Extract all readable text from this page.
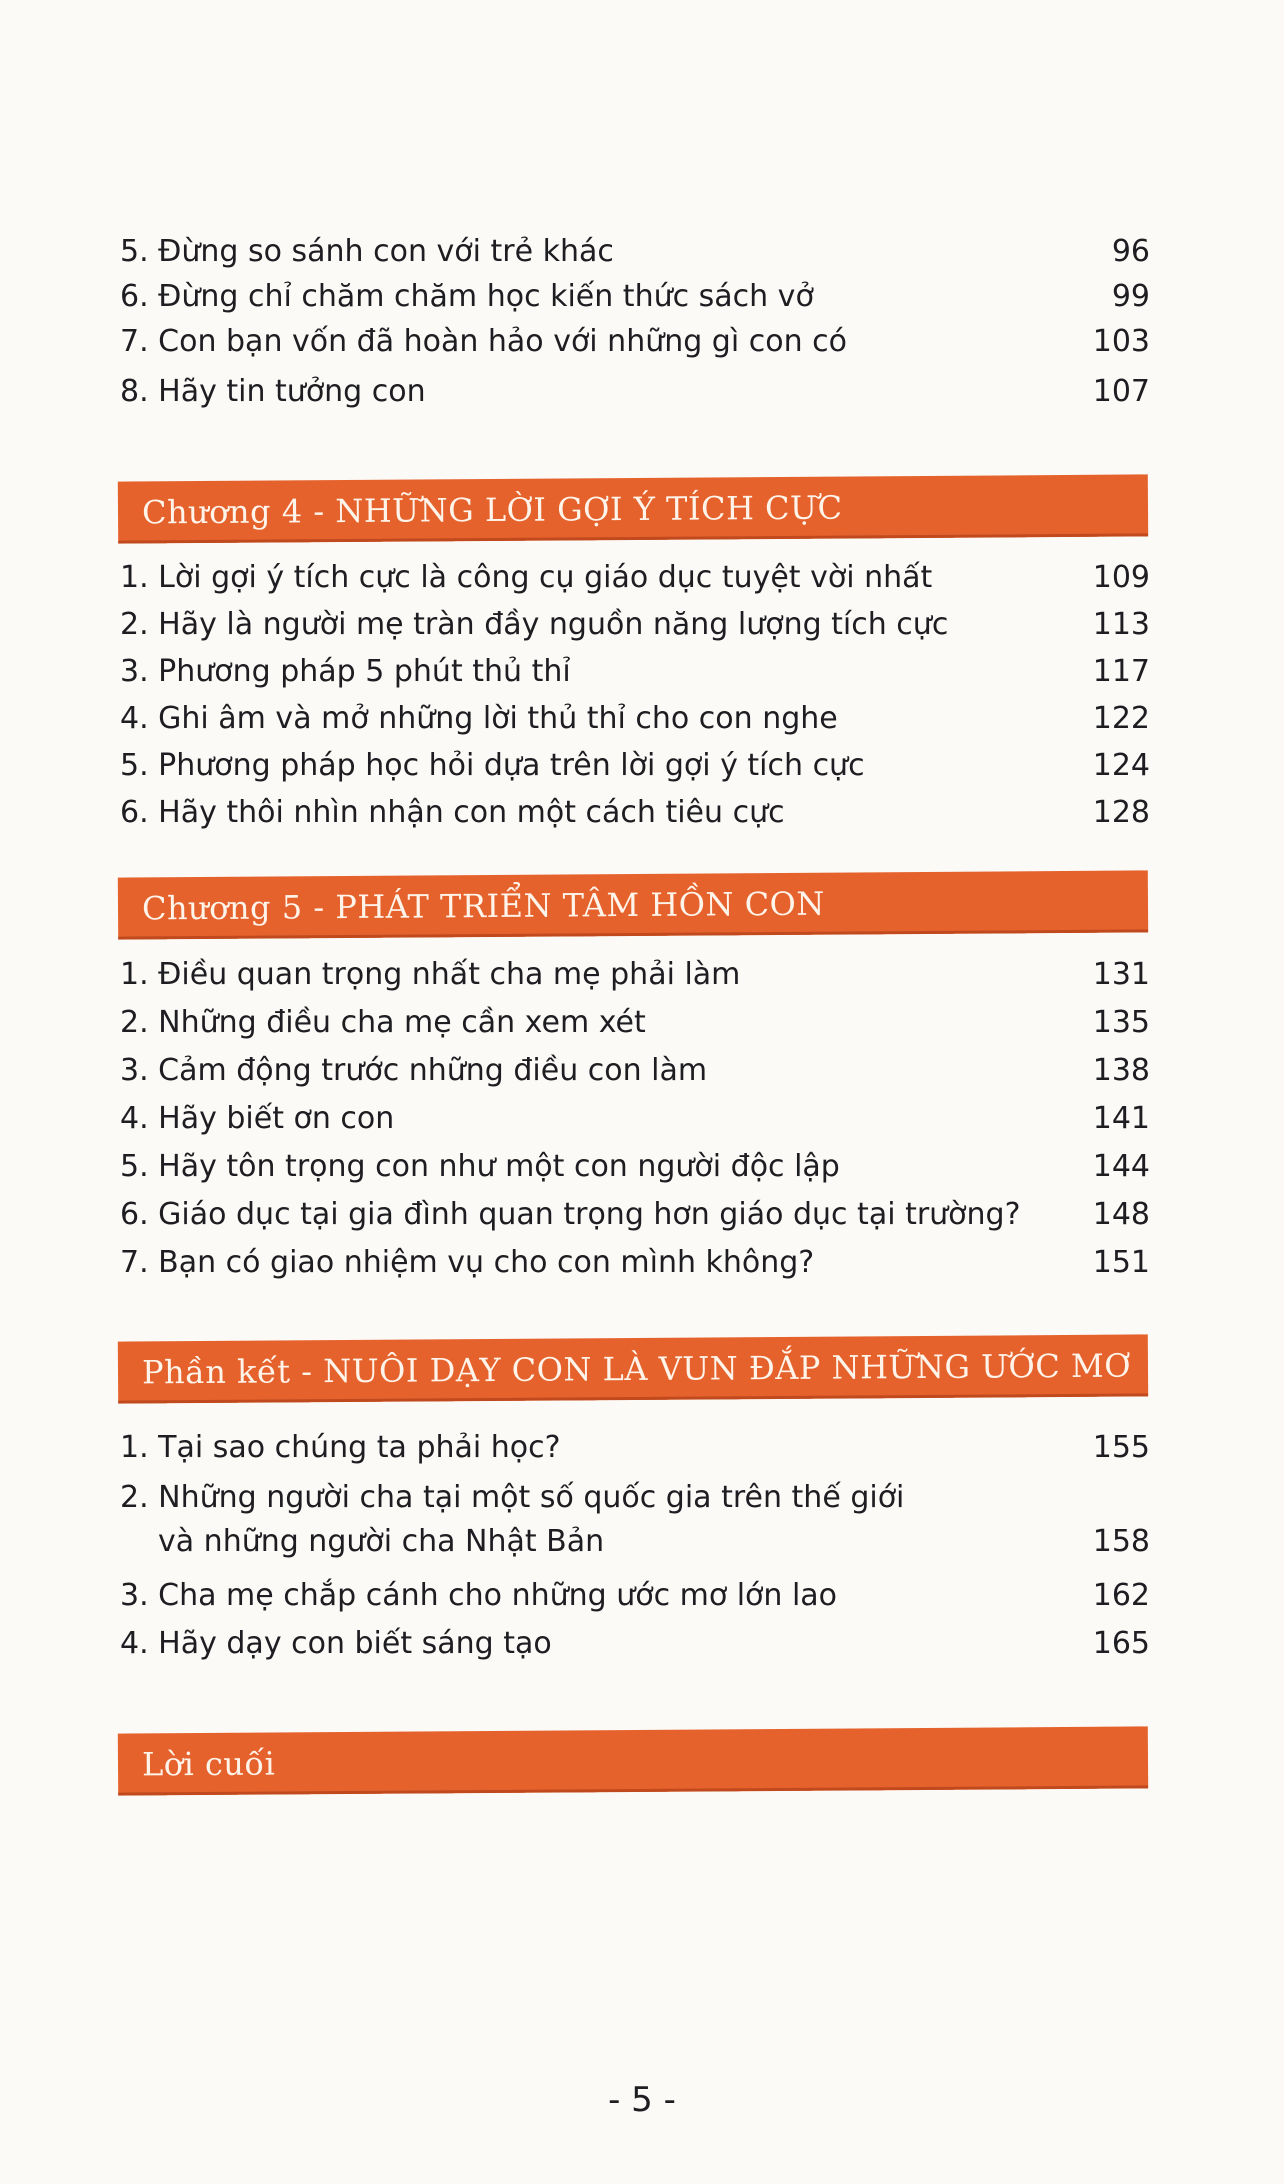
5. Đừng so sánh con với trẻ khác	96
6. Đừng chỉ chăm chăm học kiến thức sách vở	99
7. Con bạn vốn đã hoàn hảo với những gì con có	103
8. Hãy tin tưởng con	107
Chương 4 - NHỮNG LỜI GỢI Ý TÍCH CỰC
1. Lời gợi ý tích cực là công cụ giáo dục tuyệt vời nhất	109
2. Hãy là người mẹ tràn đầy nguồn năng lượng tích cực	113
3. Phương pháp 5 phút thủ thỉ	117
4. Ghi âm và mở những lời thủ thỉ cho con nghe	122
5. Phương pháp học hỏi dựa trên lời gợi ý tích cực	124
6. Hãy thôi nhìn nhận con một cách tiêu cực	128
Chương 5 - PHÁT TRIỂN TÂM HỒN CON
1. Điều quan trọng nhất cha mẹ phải làm	131
2. Những điều cha mẹ cần xem xét	135
3. Cảm động trước những điều con làm	138
4. Hãy biết ơn con	141
5. Hãy tôn trọng con như một con người độc lập	144
6. Giáo dục tại gia đình quan trọng hơn giáo dục tại trường?	148
7. Bạn có giao nhiệm vụ cho con mình không?	151
Phần kết - NUÔI DẠY CON LÀ VUN ĐẮP NHỮNG ƯỚC MƠ
1. Tại sao chúng ta phải học?	155
2. Những người cha tại một số quốc gia trên thế giới
và những người cha Nhật Bản	158
3. Cha mẹ chắp cánh cho những ước mơ lớn lao	162
4. Hãy dạy con biết sáng tạo	165
Lời cuối
- 5 -
